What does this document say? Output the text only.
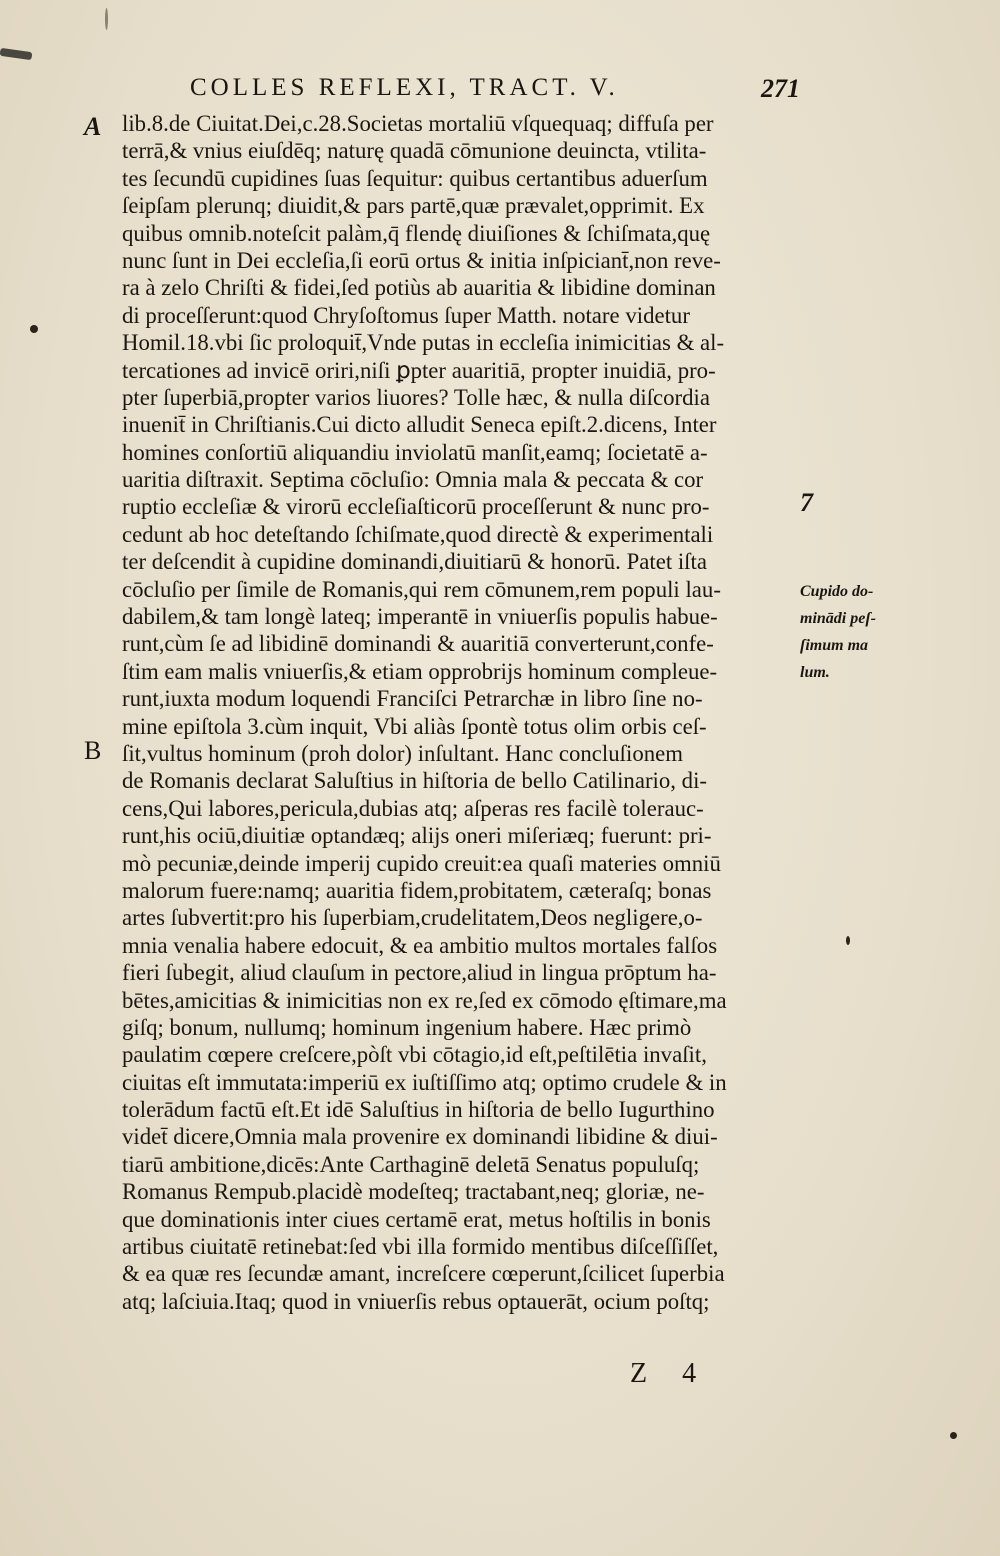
COLLES REFLEXI, TRACT. V.	271
A
B
lib.8.de Ciuitat.Dei,c.28.Societas mortaliū vſquequaq; diffuſa per
terrā,& vnius eiuſdēq; naturę quadā cōmunione deuincta, vtilita-
tes ſecundū cupidines ſuas ſequitur: quibus certantibus aduerſum
ſeipſam plerunq; diuidit,& pars partē,quæ prævalet,opprimit. Ex
quibus omnib.noteſcit palàm,q̄ flendę diuiſiones & ſchiſmata,quę
nunc ſunt in Dei eccleſia,ſi eorū ortus & initia inſpiciant̄,non reve-
ra à zelo Chriſti & fidei,ſed potiùs ab auaritia & libidine dominan
di proceſſerunt:quod Chryſoſtomus ſuper Matth. notare videtur
Homil.18.vbi ſic proloquit̄,Vnde putas in eccleſia inimicitias & al-
tercationes ad invicē oriri,niſi ꝑpter auaritiā, propter inuidiā, pro-
pter ſuperbiā,propter varios liuores? Tolle hæc, & nulla diſcordia
inuenit̄ in Chriſtianis.Cui dicto alludit Seneca epiſt.2.dicens, Inter
homines conſortiū aliquandiu inviolatū manſit,eamq; ſocietatē a-
uaritia diſtraxit. Septima cōcluſio: Omnia mala & peccata & cor
ruptio eccleſiæ & virorū eccleſiaſticorū proceſſerunt & nunc pro-
cedunt ab hoc deteſtando ſchiſmate,quod directè & experimentali
ter deſcendit à cupidine dominandi,diuitiarū & honorū. Patet iſta
cōcluſio per ſimile de Romanis,qui rem cōmunem,rem populi lau-
dabilem,& tam longè lateq; imperantē in vniuerſis populis habue-
runt,cùm ſe ad libidinē dominandi & auaritiā converterunt,confe-
ſtim eam malis vniuerſis,& etiam opprobrijs hominum compleue-
runt,iuxta modum loquendi Franciſci Petrarchæ in libro ſine no-
mine epiſtola 3.cùm inquit, Vbi aliàs ſpontè totus olim orbis ceſ-
ſit,vultus hominum (proh dolor) inſultant. Hanc concluſionem
de Romanis declarat Saluſtius in hiſtoria de bello Catilinario, di-
cens,Qui labores,pericula,dubias atq; aſperas res facilè tolerauc-
runt,his ociū,diuitiæ optandæq; alijs oneri miſeriæq; fuerunt: pri-
mò pecuniæ,deinde imperij cupido creuit:ea quaſi materies omniū
malorum fuere:namq; auaritia fidem,probitatem, cæteraſq; bonas
artes ſubvertit:pro his ſuperbiam,crudelitatem,Deos negligere,o-
mnia venalia habere edocuit, & ea ambitio multos mortales falſos
fieri ſubegit, aliud clauſum in pectore,aliud in lingua prōptum ha-
bētes,amicitias & inimicitias non ex re,ſed ex cōmodo ęſtimare,ma
giſq; bonum, nullumq; hominum ingenium habere. Hæc primò
paulatim cœpere creſcere,pòſt vbi cōtagio,id eſt,peſtilētia invaſit,
ciuitas eſt immutata:imperiū ex iuſtiſſimo atq; optimo crudele & in
tolerādum factū eſt.Et idē Saluſtius in hiſtoria de bello Iugurthino
videt̄ dicere,Omnia mala provenire ex dominandi libidine & diui-
tiarū ambitione,dicēs:Ante Carthaginē deletā Senatus populuſq;
Romanus Rempub.placidè modeſteq; tractabant,neq; gloriæ, ne-
que dominationis inter ciues certamē erat, metus hoſtilis in bonis
artibus ciuitatē retinebat:ſed vbi illa formido mentibus diſceſſiſſet,
& ea quæ res ſecundæ amant, increſcere cœperunt,ſcilicet ſuperbia
atq; laſciuia.Itaq; quod in vniuerſis rebus optauerāt, ocium poſtq;
7
Cupido do-
minādi peſ-
ſimum ma
lum.
Z 4
